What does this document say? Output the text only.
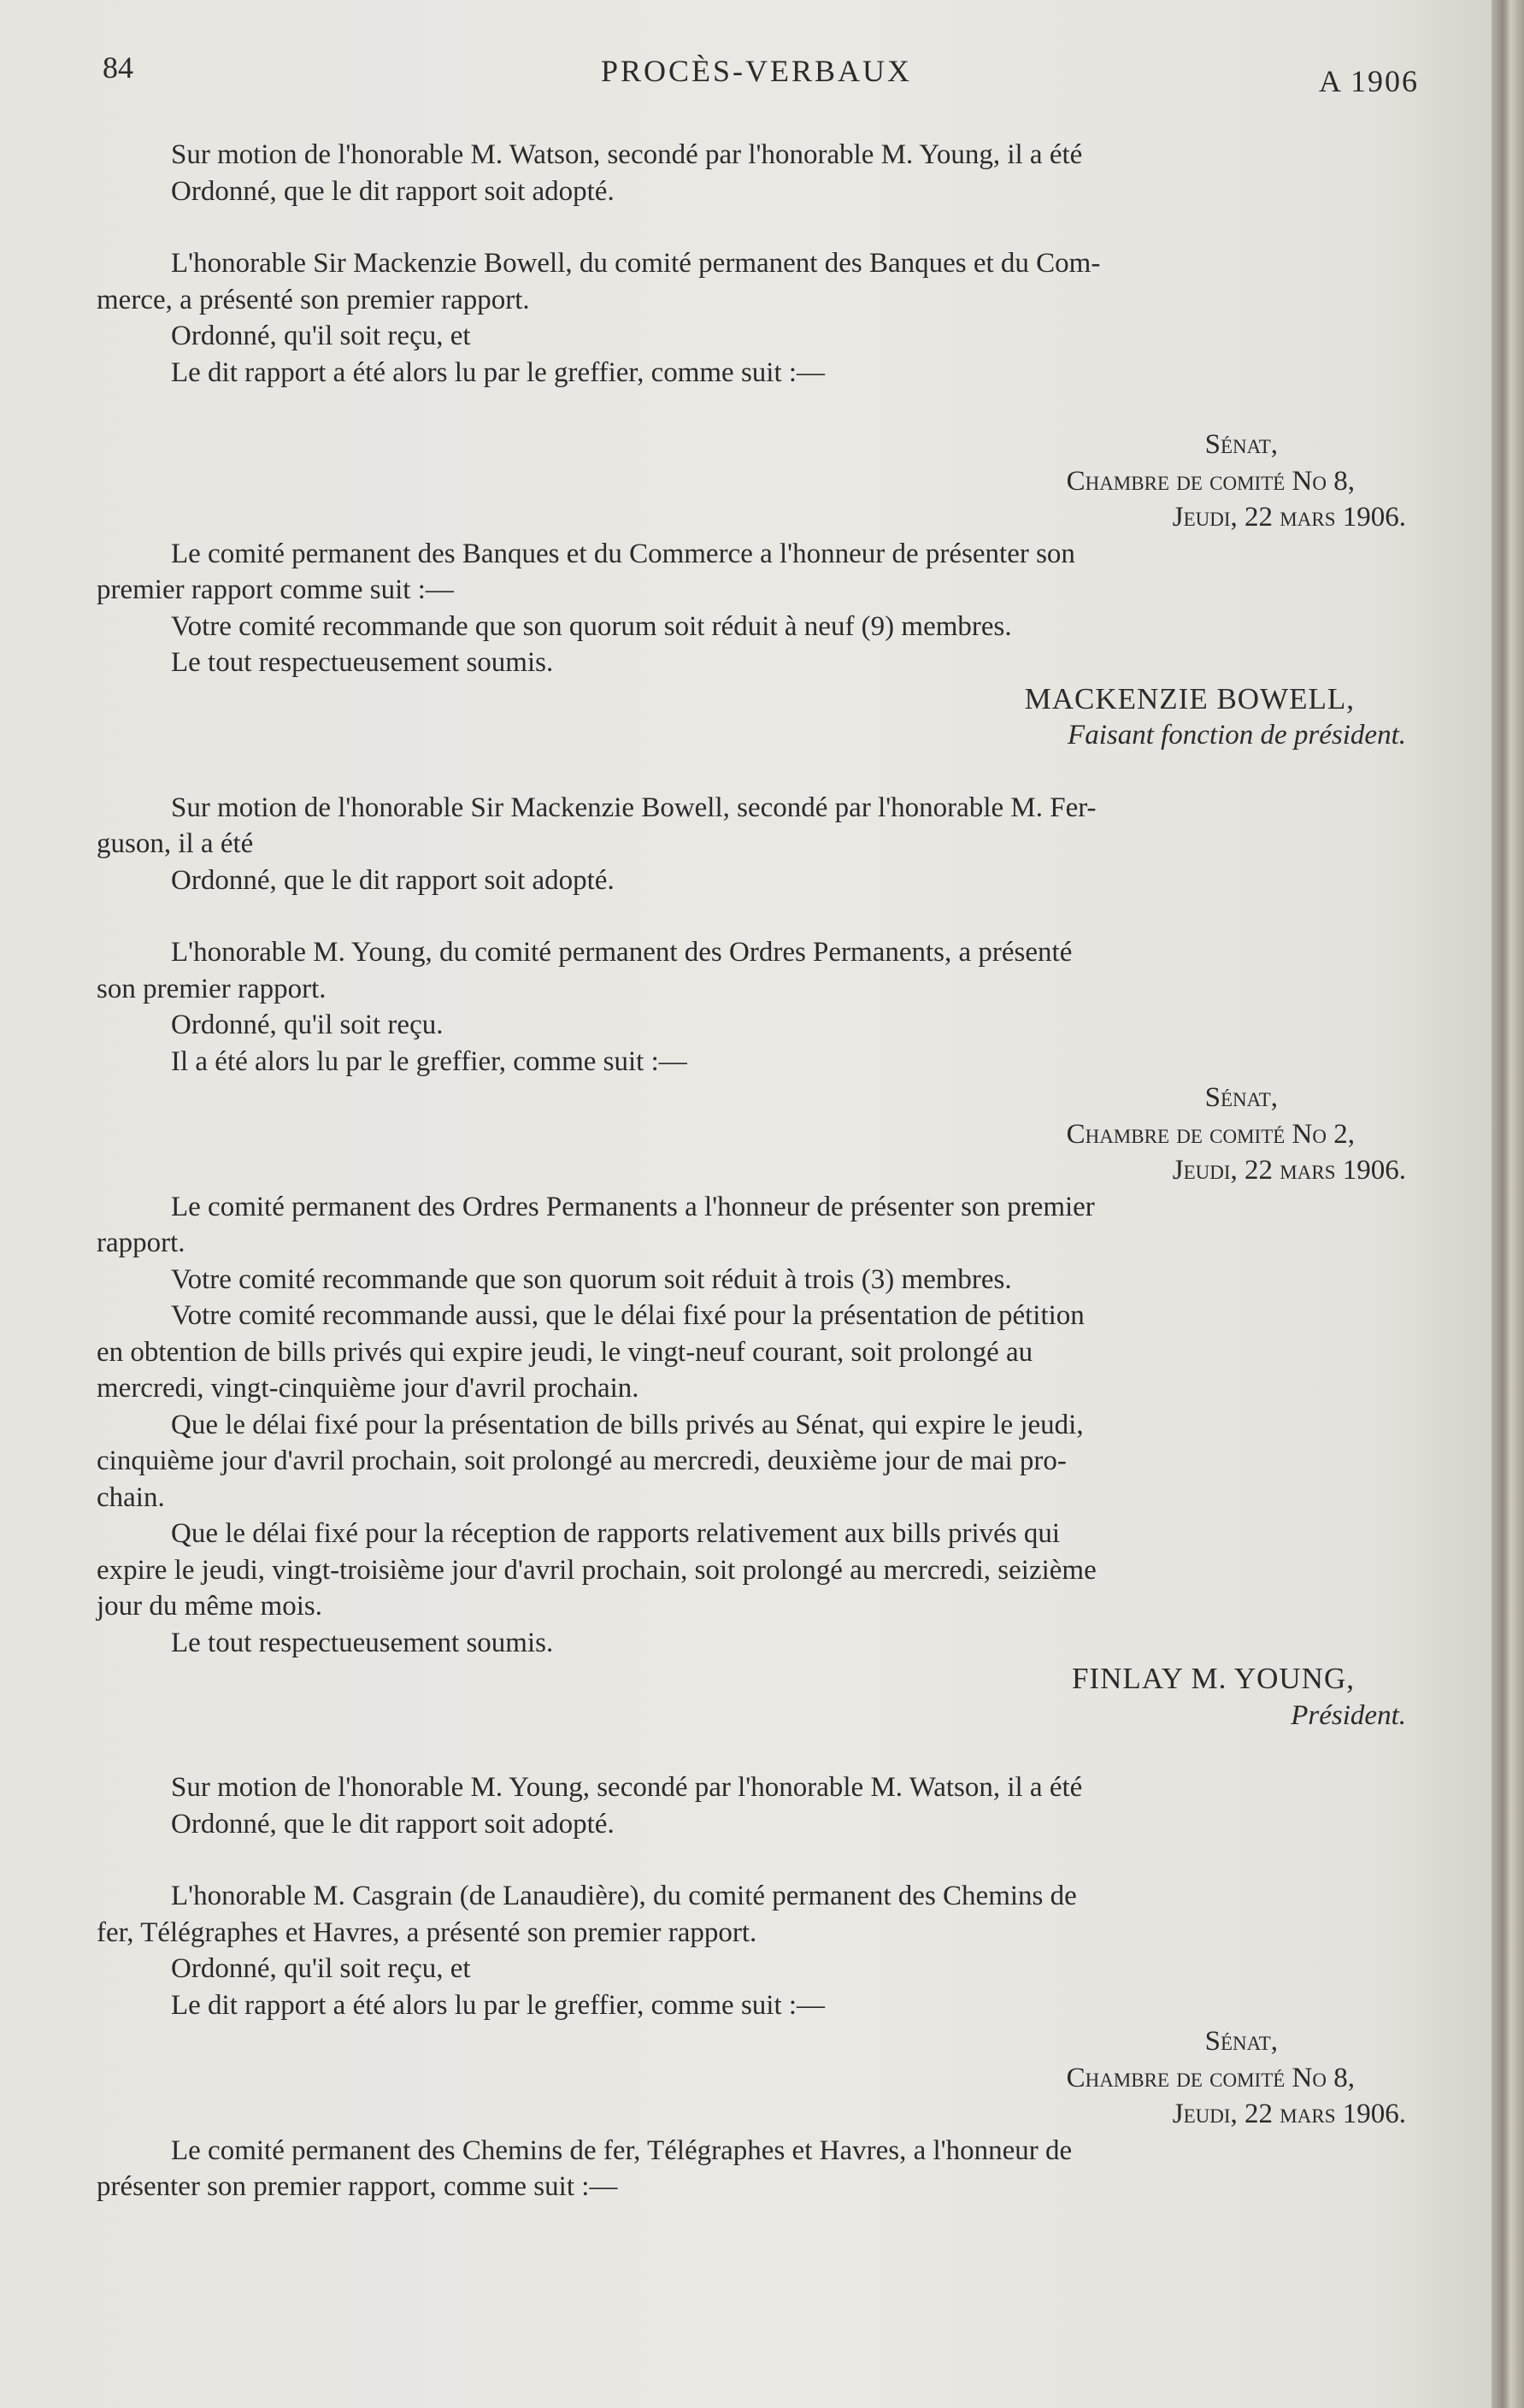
84	PROCÈS-VERBAUX	A 1906
Sur motion de l'honorable M. Watson, secondé par l'honorable M. Young, il a été
Ordonné, que le dit rapport soit adopté.
L'honorable Sir Mackenzie Bowell, du comité permanent des Banques et du Com-
merce, a présenté son premier rapport.
Ordonné, qu'il soit reçu, et
Le dit rapport a été alors lu par le greffier, comme suit :—
Sénat,
Chambre de comité No 8,
Jeudi, 22 mars 1906.
Le comité permanent des Banques et du Commerce a l'honneur de présenter son
premier rapport comme suit :—
Votre comité recommande que son quorum soit réduit à neuf (9) membres.
Le tout respectueusement soumis.
MACKENZIE BOWELL,
Faisant fonction de président.
Sur motion de l'honorable Sir Mackenzie Bowell, secondé par l'honorable M. Fer-
guson, il a été
Ordonné, que le dit rapport soit adopté.
L'honorable M. Young, du comité permanent des Ordres Permanents, a présenté
son premier rapport.
Ordonné, qu'il soit reçu.
Il a été alors lu par le greffier, comme suit :—
Sénat,
Chambre de comité No 2,
Jeudi, 22 mars 1906.
Le comité permanent des Ordres Permanents a l'honneur de présenter son premier
rapport.
Votre comité recommande que son quorum soit réduit à trois (3) membres.
Votre comité recommande aussi, que le délai fixé pour la présentation de pétition
en obtention de bills privés qui expire jeudi, le vingt-neuf courant, soit prolongé au
mercredi, vingt-cinquième jour d'avril prochain.
Que le délai fixé pour la présentation de bills privés au Sénat, qui expire le jeudi,
cinquième jour d'avril prochain, soit prolongé au mercredi, deuxième jour de mai pro-
chain.
Que le délai fixé pour la réception de rapports relativement aux bills privés qui
expire le jeudi, vingt-troisième jour d'avril prochain, soit prolongé au mercredi, seizième
jour du même mois.
Le tout respectueusement soumis.
FINLAY M. YOUNG,
Président.
Sur motion de l'honorable M. Young, secondé par l'honorable M. Watson, il a été
Ordonné, que le dit rapport soit adopté.
L'honorable M. Casgrain (de Lanaudière), du comité permanent des Chemins de
fer, Télégraphes et Havres, a présenté son premier rapport.
Ordonné, qu'il soit reçu, et
Le dit rapport a été alors lu par le greffier, comme suit :—
Sénat,
Chambre de comité No 8,
Jeudi, 22 mars 1906.
Le comité permanent des Chemins de fer, Télégraphes et Havres, a l'honneur de
présenter son premier rapport, comme suit :—
